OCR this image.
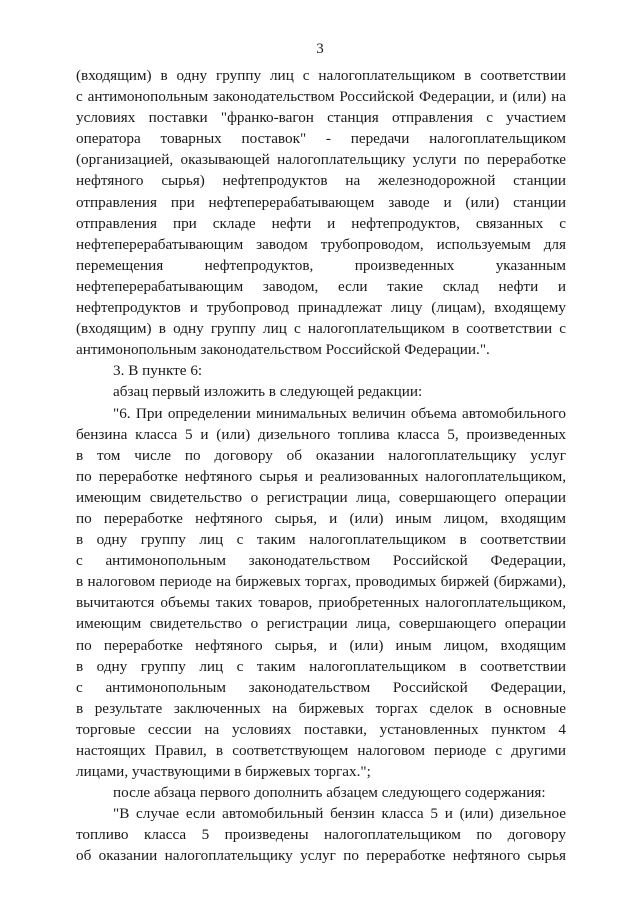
3
(входящим) в одну группу лиц с налогоплательщиком в соответствии
с антимонопольным законодательством Российской Федерации, и (или) на
условиях поставки "франко-вагон станция отправления с участием
оператора товарных поставок" - передачи налогоплательщиком
(организацией, оказывающей налогоплательщику услуги по переработке
нефтяного сырья) нефтепродуктов на железнодорожной станции
отправления при нефтеперерабатывающем заводе и (или) станции
отправления при складе нефти и нефтепродуктов, связанных с
нефтеперерабатывающим заводом трубопроводом, используемым для
перемещения нефтепродуктов, произведенных указанным
нефтеперерабатывающим заводом, если такие склад нефти и
нефтепродуктов и трубопровод принадлежат лицу (лицам), входящему
(входящим) в одну группу лиц с налогоплательщиком в соответствии с
антимонопольным законодательством Российской Федерации.".
3. В пункте 6:
абзац первый изложить в следующей редакции:
"6. При определении минимальных величин объема автомобильного
бензина класса 5 и (или) дизельного топлива класса 5, произведенных
в том числе по договору об оказании налогоплательщику услуг
по переработке нефтяного сырья и реализованных налогоплательщиком,
имеющим свидетельство о регистрации лица, совершающего операции
по переработке нефтяного сырья, и (или) иным лицом, входящим
в одну группу лиц с таким налогоплательщиком в соответствии
с антимонопольным законодательством Российской Федерации,
в налоговом периоде на биржевых торгах, проводимых биржей (биржами),
вычитаются объемы таких товаров, приобретенных налогоплательщиком,
имеющим свидетельство о регистрации лица, совершающего операции
по переработке нефтяного сырья, и (или) иным лицом, входящим
в одну группу лиц с таким налогоплательщиком в соответствии
с антимонопольным законодательством Российской Федерации,
в результате заключенных на биржевых торгах сделок в основные
торговые сессии на условиях поставки, установленных пунктом 4
настоящих Правил, в соответствующем налоговом периоде с другими
лицами, участвующими в биржевых торгах.";
после абзаца первого дополнить абзацем следующего содержания:
"В случае если автомобильный бензин класса 5 и (или) дизельное
топливо класса 5 произведены налогоплательщиком по договору
об оказании налогоплательщику услуг по переработке нефтяного сырья
